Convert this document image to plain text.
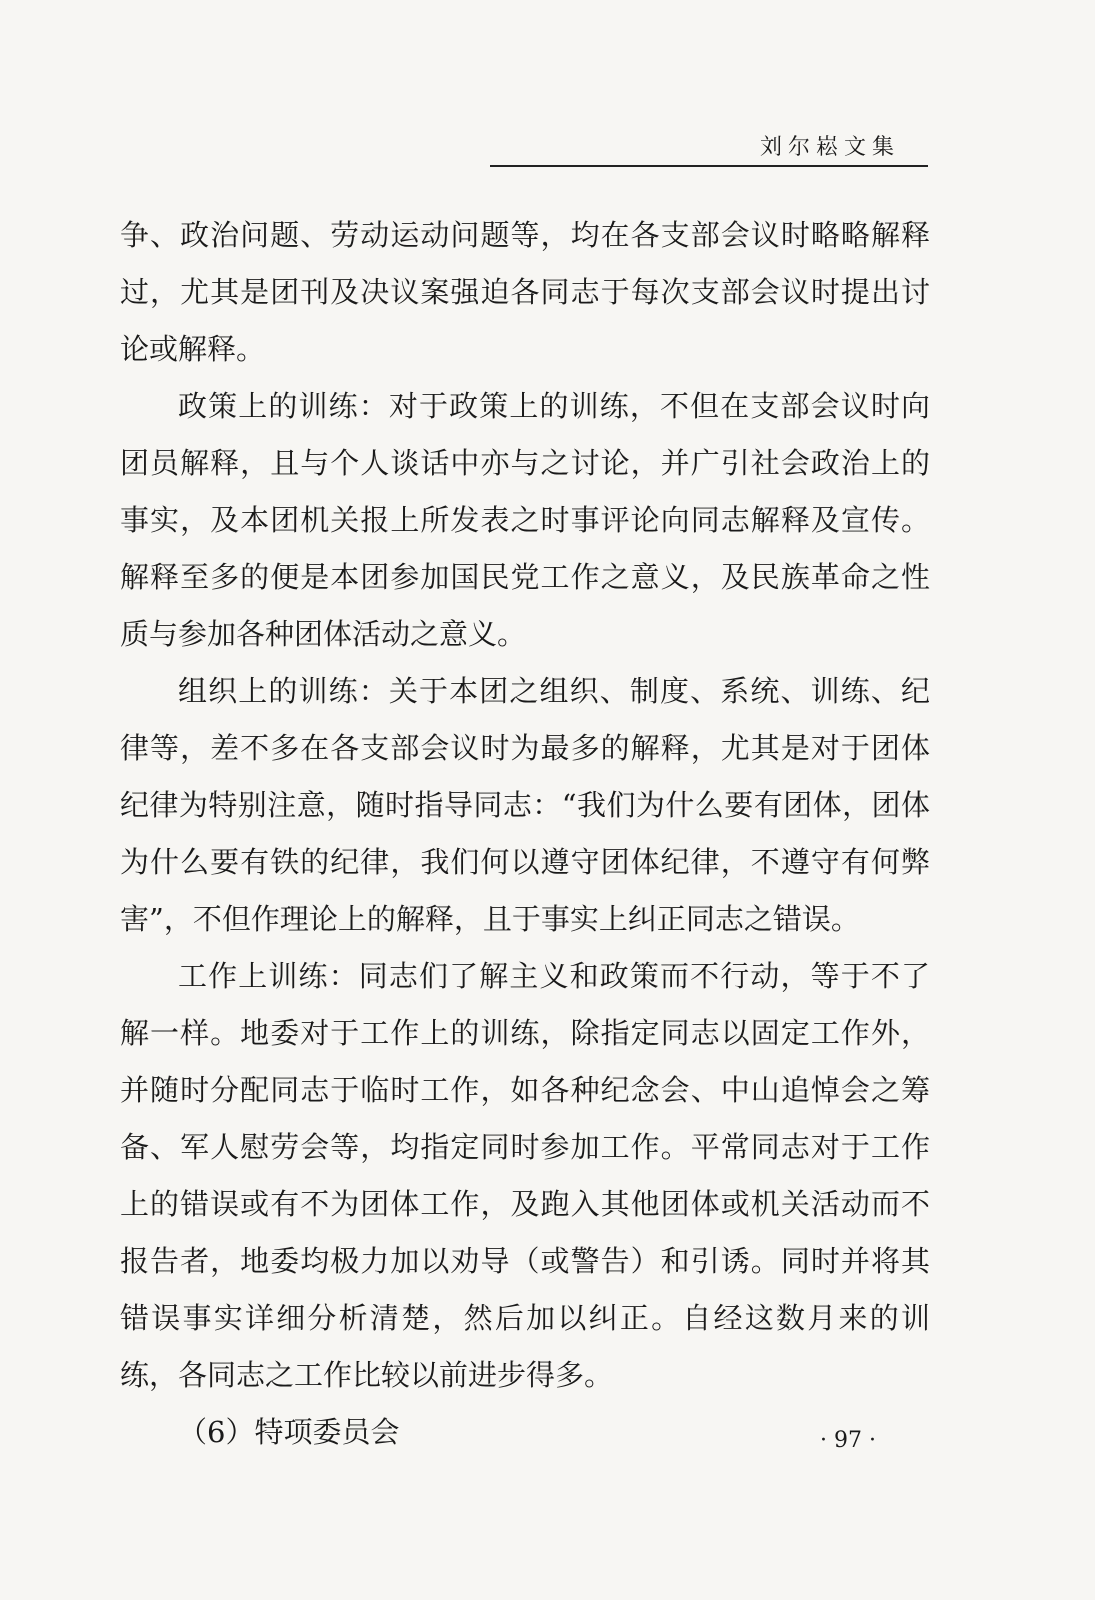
刘尔崧文集

争、政治问题、劳动运动问题等，均在各支部会议时略略解释过，尤其是团刊及决议案强迫各同志于每次支部会议时提出讨论或解释。

政策上的训练：对于政策上的训练，不但在支部会议时向团员解释，且与个人谈话中亦与之讨论，并广引社会政治上的事实，及本团机关报上所发表之时事评论向同志解释及宣传。解释至多的便是本团参加国民党工作之意义，及民族革命之性质与参加各种团体活动之意义。

组织上的训练：关于本团之组织、制度、系统、训练、纪律等，差不多在各支部会议时为最多的解释，尤其是对于团体纪律为特别注意，随时指导同志：“我们为什么要有团体，团体为什么要有铁的纪律，我们何以遵守团体纪律，不遵守有何弊害”，不但作理论上的解释，且于事实上纠正同志之错误。

工作上训练：同志们了解主义和政策而不行动，等于不了解一样。地委对于工作上的训练，除指定同志以固定工作外，并随时分配同志于临时工作，如各种纪念会、中山追悼会之筹备、军人慰劳会等，均指定同时参加工作。平常同志对于工作上的错误或有不为团体工作，及跑入其他团体或机关活动而不报告者，地委均极力加以劝导（或警告）和引诱。同时并将其错误事实详细分析清楚，然后加以纠正。自经这数月来的训练，各同志之工作比较以前进步得多。

（6）特项委员会	· 97 ·
